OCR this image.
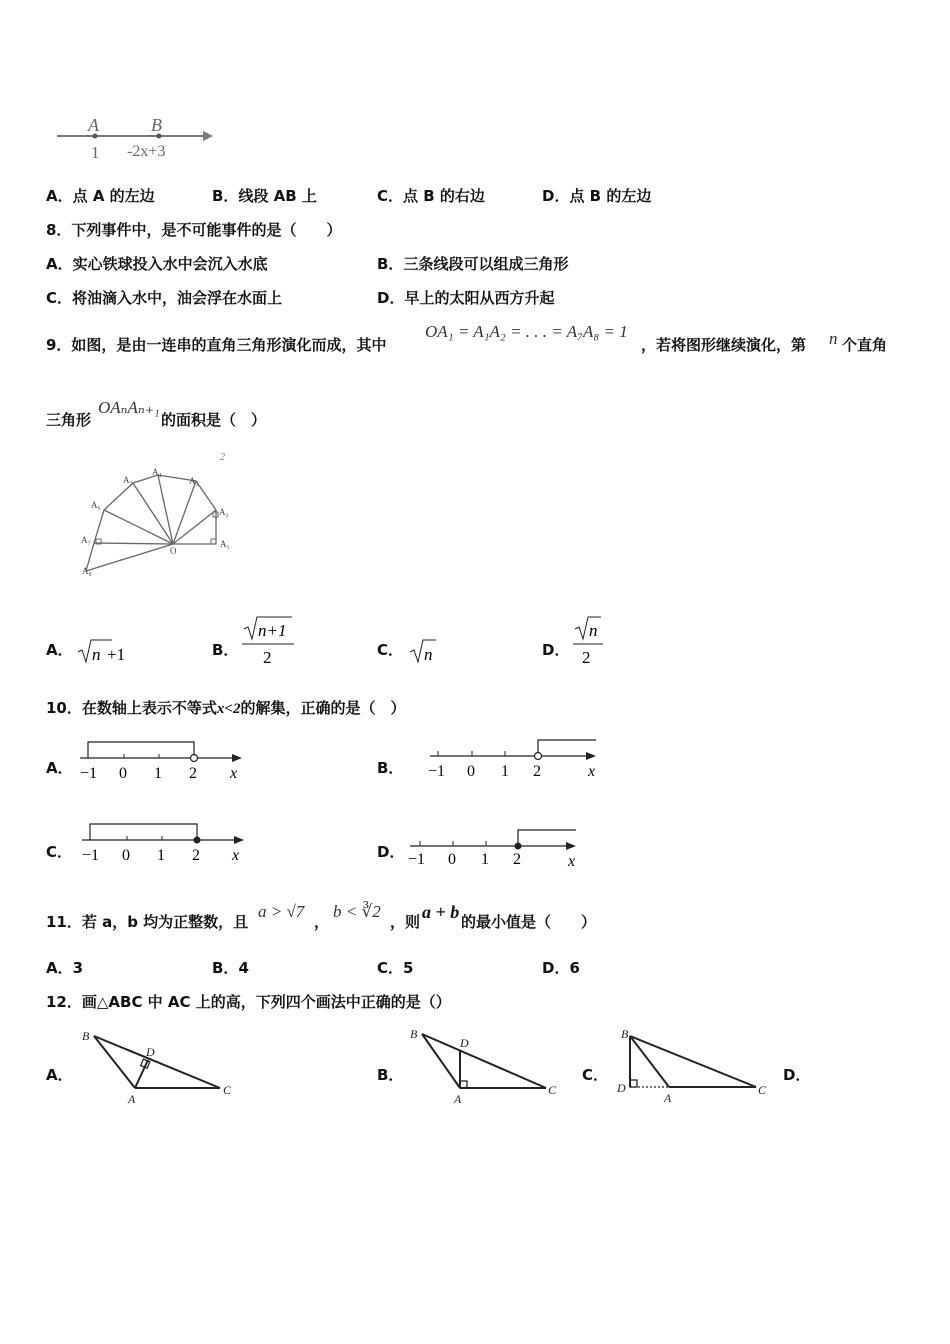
A	B
1 -2x+3
A．点 A 的左边	B．线段 AB 上	C．点 B 的右边	D．点 B 的左边
8．下列事件中，是不可能事件的是（　　）
A．实心铁球投入水中会沉入水底	B．三条线段可以组成三角形
C．将油滴入水中，油会浮在水面上	D．早上的太阳从西方升起
9．如图，是由一连串的直角三角形演化而成，其中
OA₁ = A₁A₂ = . . . = A₇A₈ = 1
，若将图形继续演化，第 n 个直角
三角形
OAₙAₙ₊₁
的面积是（　）
2
A₁
A₂
A₃
A₄
A₅
A₆
A₇
A₈
O
A． n +1	B．
n+1
2	C． n	D．
n
2
10．在数轴上表示不等式x<2的解集，正确的是（　）
A． −1 0 1 2 x	B． −1 0 1 2	x
C． −1 0 1 2 x	D． −1 0 1 2	x
11．若 a，b 均为正整数，且
a > √7
，
b < ∛2
，则 a + b 的最小值是（　　）
A．3	B．4	C．5	D．6
12．画△ABC 中 AC 上的高，下列四个画法中正确的是（）
A．
B
D
A
C
B．
B
D
A
C
C．
B
D
A
C
D．
